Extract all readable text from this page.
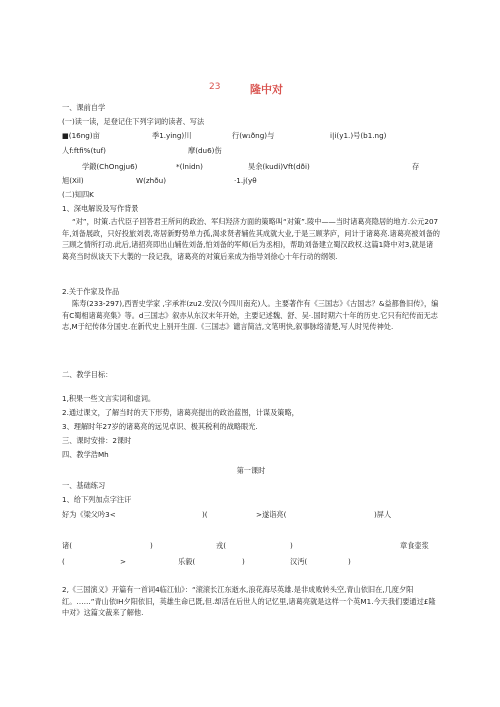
23	隆中对
一、课前自学
(一)读一读，足登记住下列字词的读者、写法
■(16ng)亩	季1.ying)川	行(w₁ðng)与	i|i(y1.)号(b1.ng)
人f:ftfi%(tuf)	摩(du6)伤
学鍛(ChOngju6)	*(lnidn)	昊余(kudi)Vft(dði)	存
旭(Xil)	W(zhðu)	·1.j(yθ
(二)知四K
1、深电解说及写作背景

“对”，时策.古代臣子回答君王所问的政治、军归羟济方面的策略叫“对策”.陵中——当时诸葛亮隐居的地方.公元207年,刘备展政，只好投旅刘表,寄居新野势单力孤,渴求贤者辅佐其成就大业,于是三顾茅庐，问计于诸葛亮.诸葛亮被刘备的三顾之情所打动.此后,诸招亮即出山辅佐刘备,怕刘备的军师(后为丞相)，帮助刘备建立蜀汉政权.这篇1降中对3,就是诸葛亮当时纵谈天下大製的一段记我，诸葛亮的对策后来成为指导刘徐心十年行动的纲领.

2.关于作家及作品

陈寿(233-297),西晋史学家 ,字承祚(zu2.安汉(今四川南充)人。主要著作有《三国志》《古国志？&益都鲁旧传》，编有C蜀相诸葛亮集》等。d三国志》叙亦从东汉末年开始，主要记述魏、舒、吴·.国时期六十年的历史.它只有纪传而无志志,M于纪传体分国史.在新代史上别开生面.《三国志》谴言简洁,文笔明快,叙事脉络清楚,写人时见传神处.

二、教学目标：
1,积果一些文言实词和虚词。
2.通过课文，了解当时的天下形势，诸葛亮提出的政治蓝图，计谋及策略，
3、理解时年27岁的诸葛亮的远见卓识、极其税利的战略眼光.
三、课时安排：2课时
四、教学浩Mh
第一课时
一、基础练习
1、给下列加点字注讦
好为《梁父吟3<	)(	>遂诣亮(	)屏人
诸(	)	戎(	)	章食壶浆
(	>	乐毅(	)	汉沔(	)

2,《三国演义》开篇有一首词4临江仙》：“滚滚长江东逝水,浪花海尽英雄.是非成败转头空,青山依旧在,几度夕阳红。……”青山依IH夕阳依旧，英雄生命已既,但.却活在后世人的记忆里,诸葛亮就是这样一个英M1.今天我们要通过£隆中对》这篇文裁来了解他.
